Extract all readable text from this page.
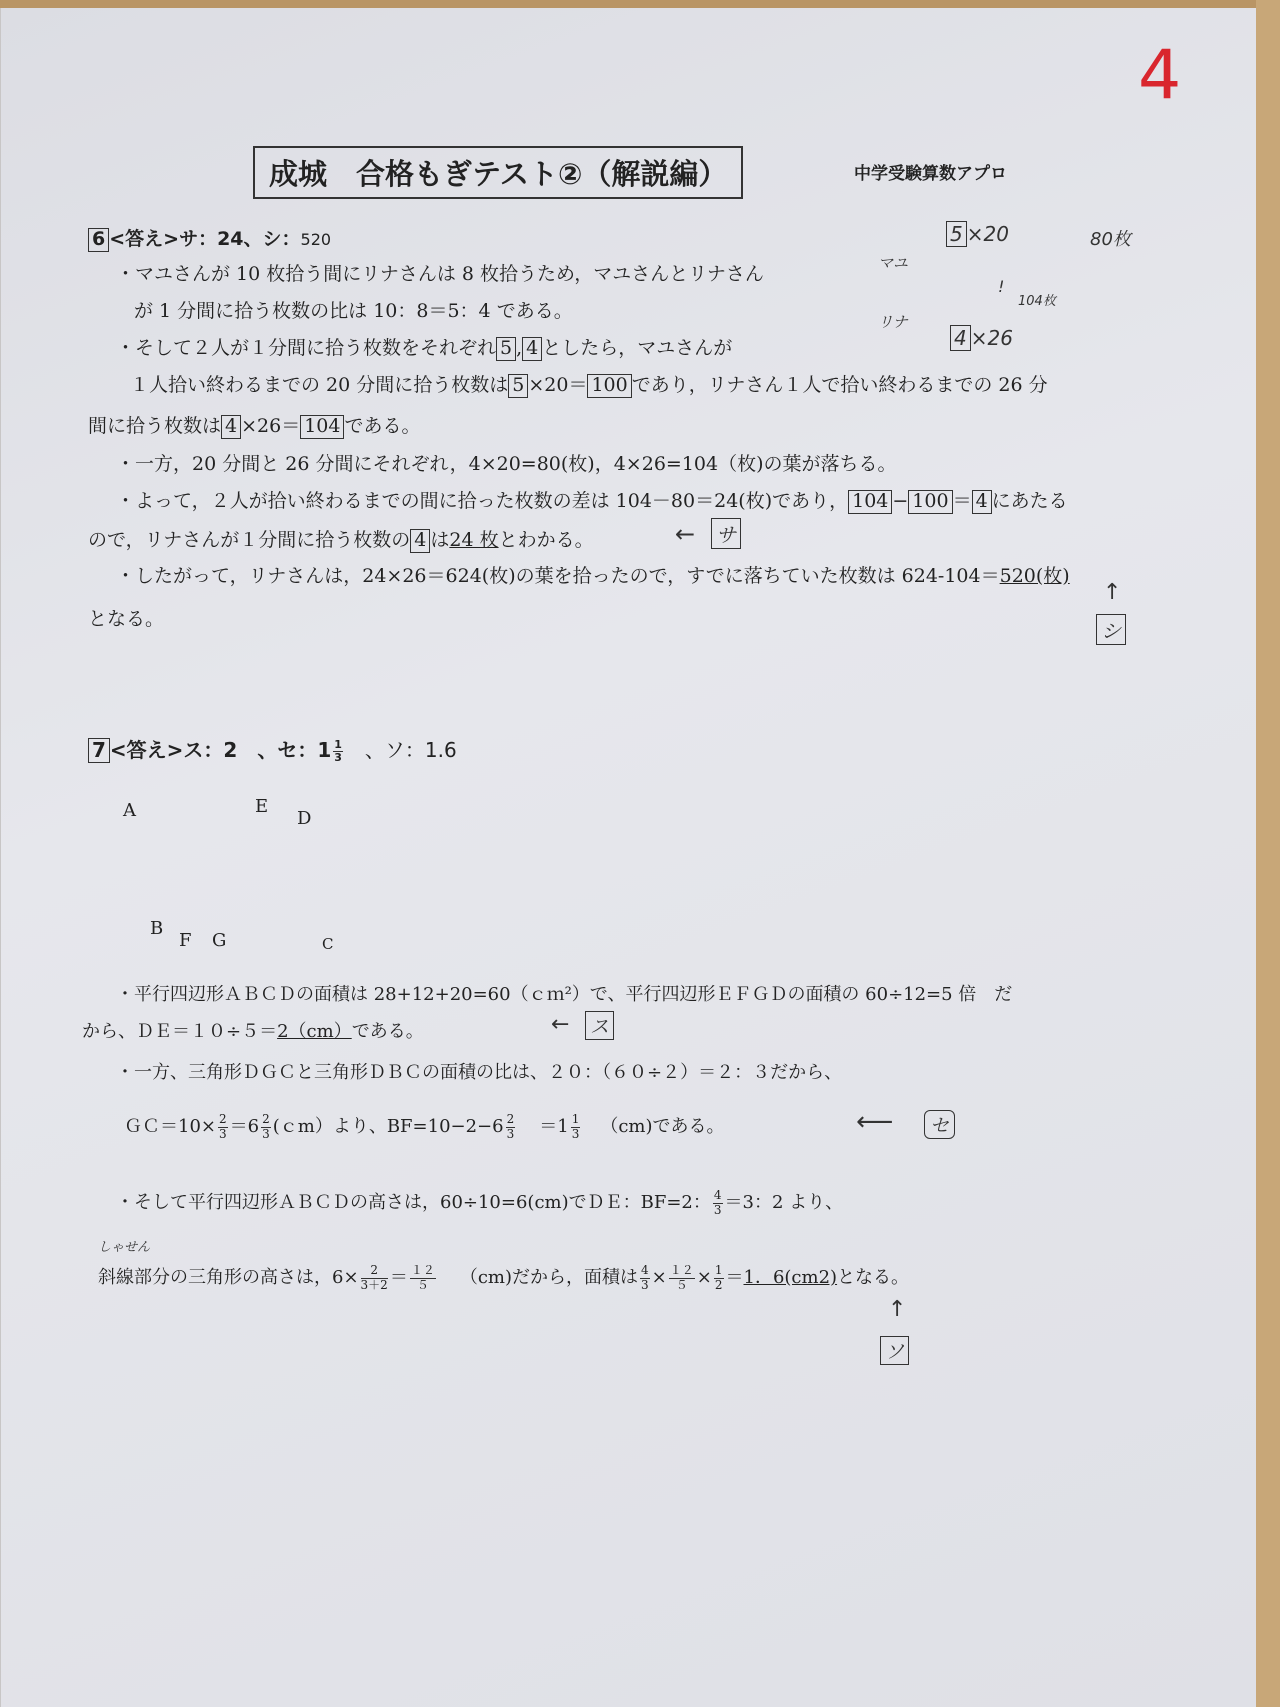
4
成城　合格もぎテスト②（解説編）	中学受験算数アプロ
6 <答え>サ：24、シ：520
・マユさんが 10 枚拾う間にリナさんは 8 枚拾うため，マユさんとリナさん
が 1 分間に拾う枚数の比は 10：8＝5：4 である。
・そして２人が１分間に拾う枚数をそれぞれ 5 , 4 としたら，マユさんが
１人拾い終わるまでの 20 分間に拾う枚数は 5 ×20＝ 100 であり，リナさん１人で拾い終わるまでの 26 分
間に拾う枚数は 4 ×26＝ 104 である。
・一方，20 分間と 26 分間にそれぞれ，4×20=80(枚)，4×26=104（枚)の葉が落ちる。
・よって，２人が拾い終わるまでの間に拾った枚数の差は 104－80＝24(枚)であり， 104 − 100 ＝ 4 にあたる
ので，リナさんが１分間に拾う枚数の 4 は24 枚とわかる。	← サ
・したがって，リナさんは，24×26＝624(枚)の葉を拾ったので，すでに落ちていた枚数は 624-104＝520(枚)
となる。
↑
シ
マユ
リナ
5 ×20
4 ×26
80枚
104枚
!
7 <答え>ス：2　、セ：$1 \frac{1}{3}$ 　、ソ：1.6
A	E
D
B
F G	C
・平行四辺形ＡＢＣＤの面積は 28+12+20=60（ｃｍ²）で、平行四辺形ＥＦＧＤの面積の 60÷12=5 倍　だ
から、ＤＥ＝１０÷５＝2（cm）である。	← ス
・一方、三角形ＤＧＣと三角形ＤＢＣの面積の比は、２０：（６０÷２）＝２：３だから、
ＧＣ＝10× $\frac{2}{3} =6 \frac{2}{3}$ (ｃm）より、$BF=10-2-6 \frac{2}{3} =1 \frac{1}{3} (cm)$である。	⟵	セ
・そして平行四辺形ＡＢＣＤの高さは，60÷10=6(cm)でＤＥ：BF=2： $\frac{4}{3} =3$：2 より、
しゃせん
斜線部分の三角形の高さは，$6\times \frac{2}{3+2} = \frac{12}{5} (cm)$だから，面積は $\frac{4}{3} \times \frac{12}{5} \times \frac{1}{2} =1$．6(cm2)となる。
↑
ソ
